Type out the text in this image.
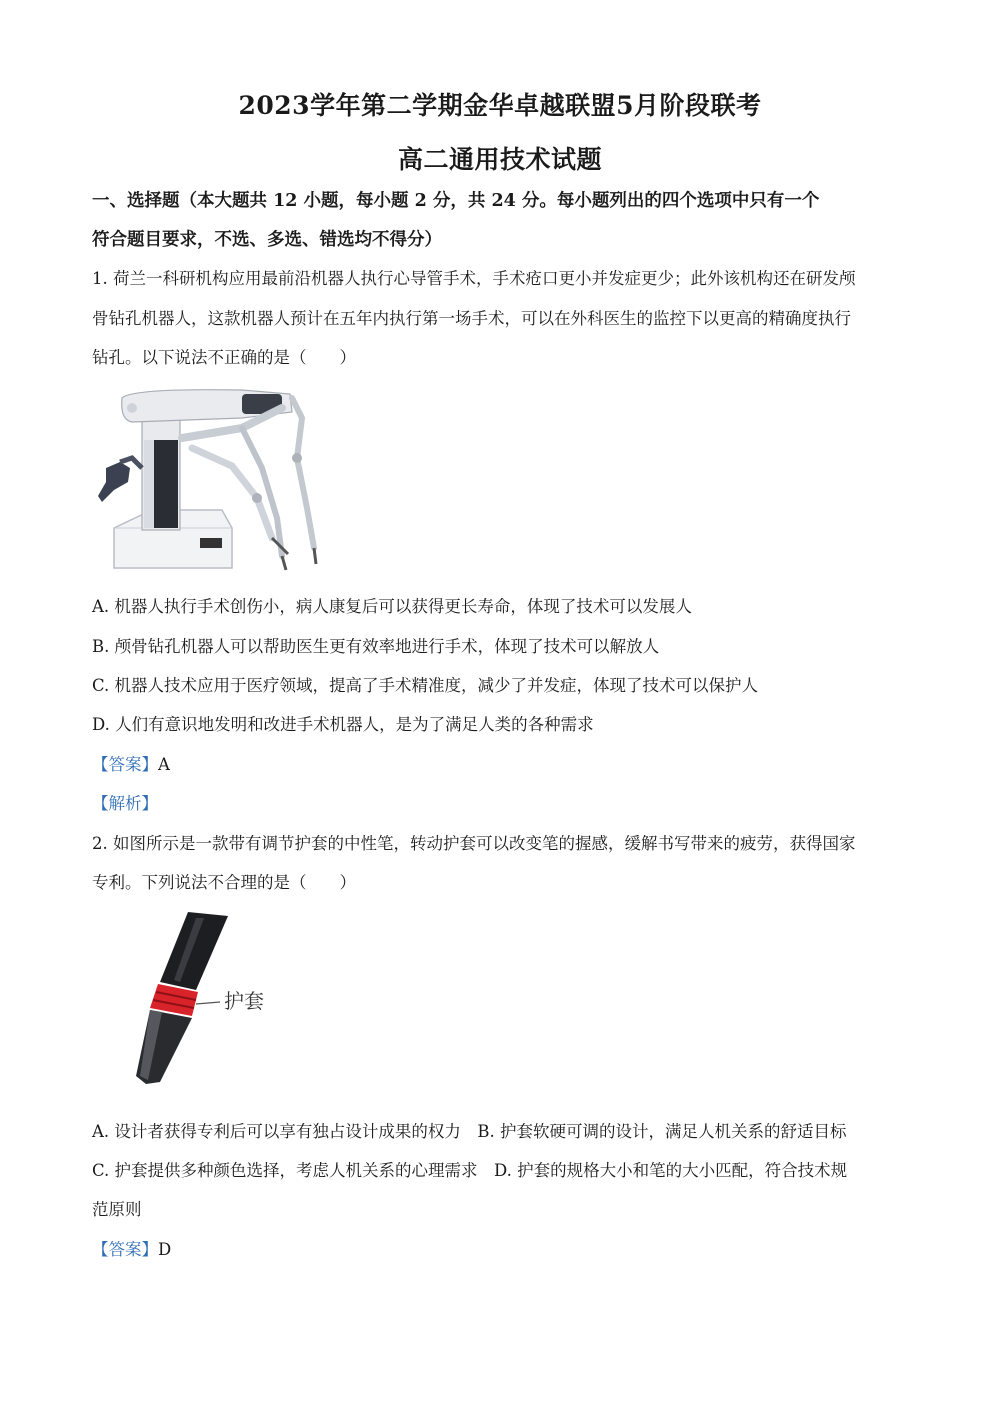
2023学年第二学期金华卓越联盟5月阶段联考
高二通用技术试题
一、选择题（本大题共 12 小题，每小题 2 分，共 24 分。每小题列出的四个选项中只有一个
符合题目要求，不选、多选、错选均不得分）
1. 荷兰一科研机构应用最前沿机器人执行心导管手术，手术疮口更小并发症更少；此外该机构还在研发颅
骨钻孔机器人，这款机器人预计在五年内执行第一场手术，可以在外科医生的监控下以更高的精确度执行
钻孔。以下说法不正确的是（　　）
A. 机器人执行手术创伤小，病人康复后可以获得更长寿命，体现了技术可以发展人
B. 颅骨钻孔机器人可以帮助医生更有效率地进行手术，体现了技术可以解放人
C. 机器人技术应用于医疗领域，提高了手术精准度，减少了并发症，体现了技术可以保护人
D. 人们有意识地发明和改进手术机器人，是为了满足人类的各种需求
【答案】A
【解析】
2. 如图所示是一款带有调节护套的中性笔，转动护套可以改变笔的握感，缓解书写带来的疲劳，获得国家
专利。下列说法不合理的是（　　）
护套
A. 设计者获得专利后可以享有独占设计成果的权力　B. 护套软硬可调的设计，满足人机关系的舒适目标
C. 护套提供多种颜色选择，考虑人机关系的心理需求　D. 护套的规格大小和笔的大小匹配，符合技术规
范原则
【答案】D
